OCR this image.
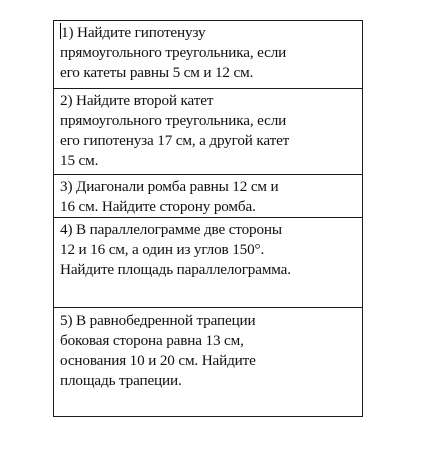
1) Найдите гипотенузу
прямоугольного треугольника, если
его катеты равны 5 см и 12 см.
2) Найдите второй катет
прямоугольного треугольника, если
его гипотенуза 17 см, а другой катет
15 см.
3) Диагонали ромба равны 12 см и
16 см. Найдите сторону ромба.
4) В параллелограмме две стороны
12 и 16 см, а один из углов 150°.
Найдите площадь параллелограмма.
5) В равнобедренной трапеции
боковая сторона равна 13 см,
основания 10 и 20 см. Найдите
площадь трапеции.
